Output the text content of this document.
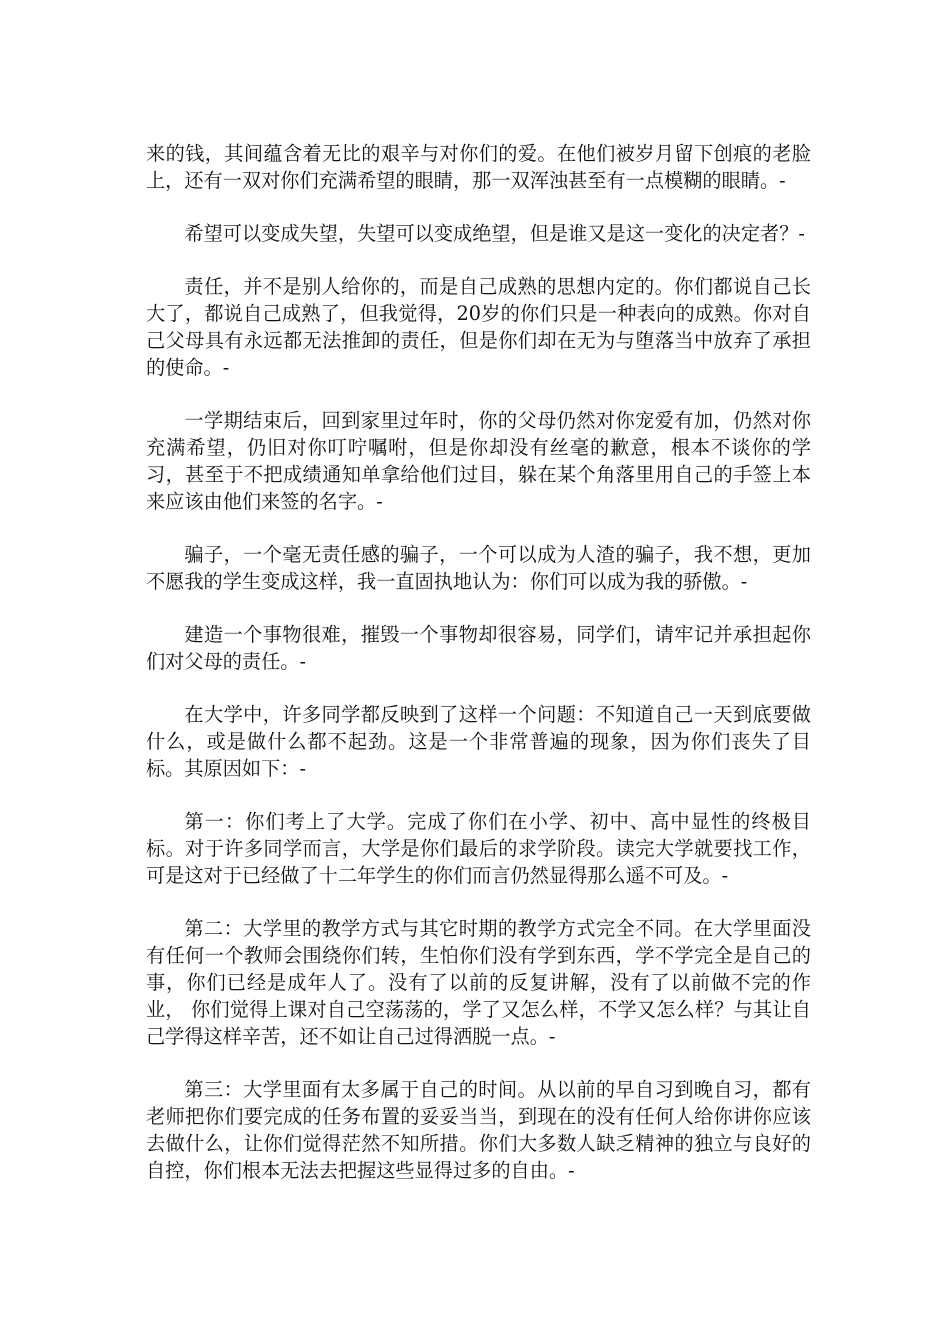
来的钱，其间蕴含着无比的艰辛与对你们的爱。在他们被岁月留下创痕的老脸上，还有一双对你们充满希望的眼睛，那一双浑浊甚至有一点模糊的眼睛。-

希望可以变成失望，失望可以变成绝望，但是谁又是这一变化的决定者？-

责任，并不是别人给你的，而是自己成熟的思想内定的。你们都说自己长大了，都说自己成熟了，但我觉得，20岁的你们只是一种表向的成熟。你对自己父母具有永远都无法推卸的责任，但是你们却在无为与堕落当中放弃了承担的使命。-

一学期结束后，回到家里过年时，你的父母仍然对你宠爱有加，仍然对你充满希望，仍旧对你叮咛嘱咐，但是你却没有丝毫的歉意，根本不谈你的学习，甚至于不把成绩通知单拿给他们过目，躲在某个角落里用自己的手签上本来应该由他们来签的名字。-

骗子，一个毫无责任感的骗子，一个可以成为人渣的骗子，我不想，更加不愿我的学生变成这样，我一直固执地认为：你们可以成为我的骄傲。-

建造一个事物很难，摧毁一个事物却很容易，同学们，请牢记并承担起你们对父母的责任。-

在大学中，许多同学都反映到了这样一个问题：不知道自己一天到底要做什么，或是做什么都不起劲。这是一个非常普遍的现象，因为你们丧失了目标。其原因如下：-

第一：你们考上了大学。完成了你们在小学、初中、高中显性的终极目标。对于许多同学而言，大学是你们最后的求学阶段。读完大学就要找工作，可是这对于已经做了十二年学生的你们而言仍然显得那么遥不可及。-

第二：大学里的教学方式与其它时期的教学方式完全不同。在大学里面没有任何一个教师会围绕你们转，生怕你们没有学到东西，学不学完全是自己的事，你们已经是成年人了。没有了以前的反复讲解，没有了以前做不完的作业， 你们觉得上课对自己空荡荡的，学了又怎么样，不学又怎么样？与其让自己学得这样辛苦，还不如让自己过得洒脱一点。-

第三：大学里面有太多属于自己的时间。从以前的早自习到晚自习，都有老师把你们要完成的任务布置的妥妥当当，到现在的没有任何人给你讲你应该去做什么，让你们觉得茫然不知所措。你们大多数人缺乏精神的独立与良好的自控，你们根本无法去把握这些显得过多的自由。-
